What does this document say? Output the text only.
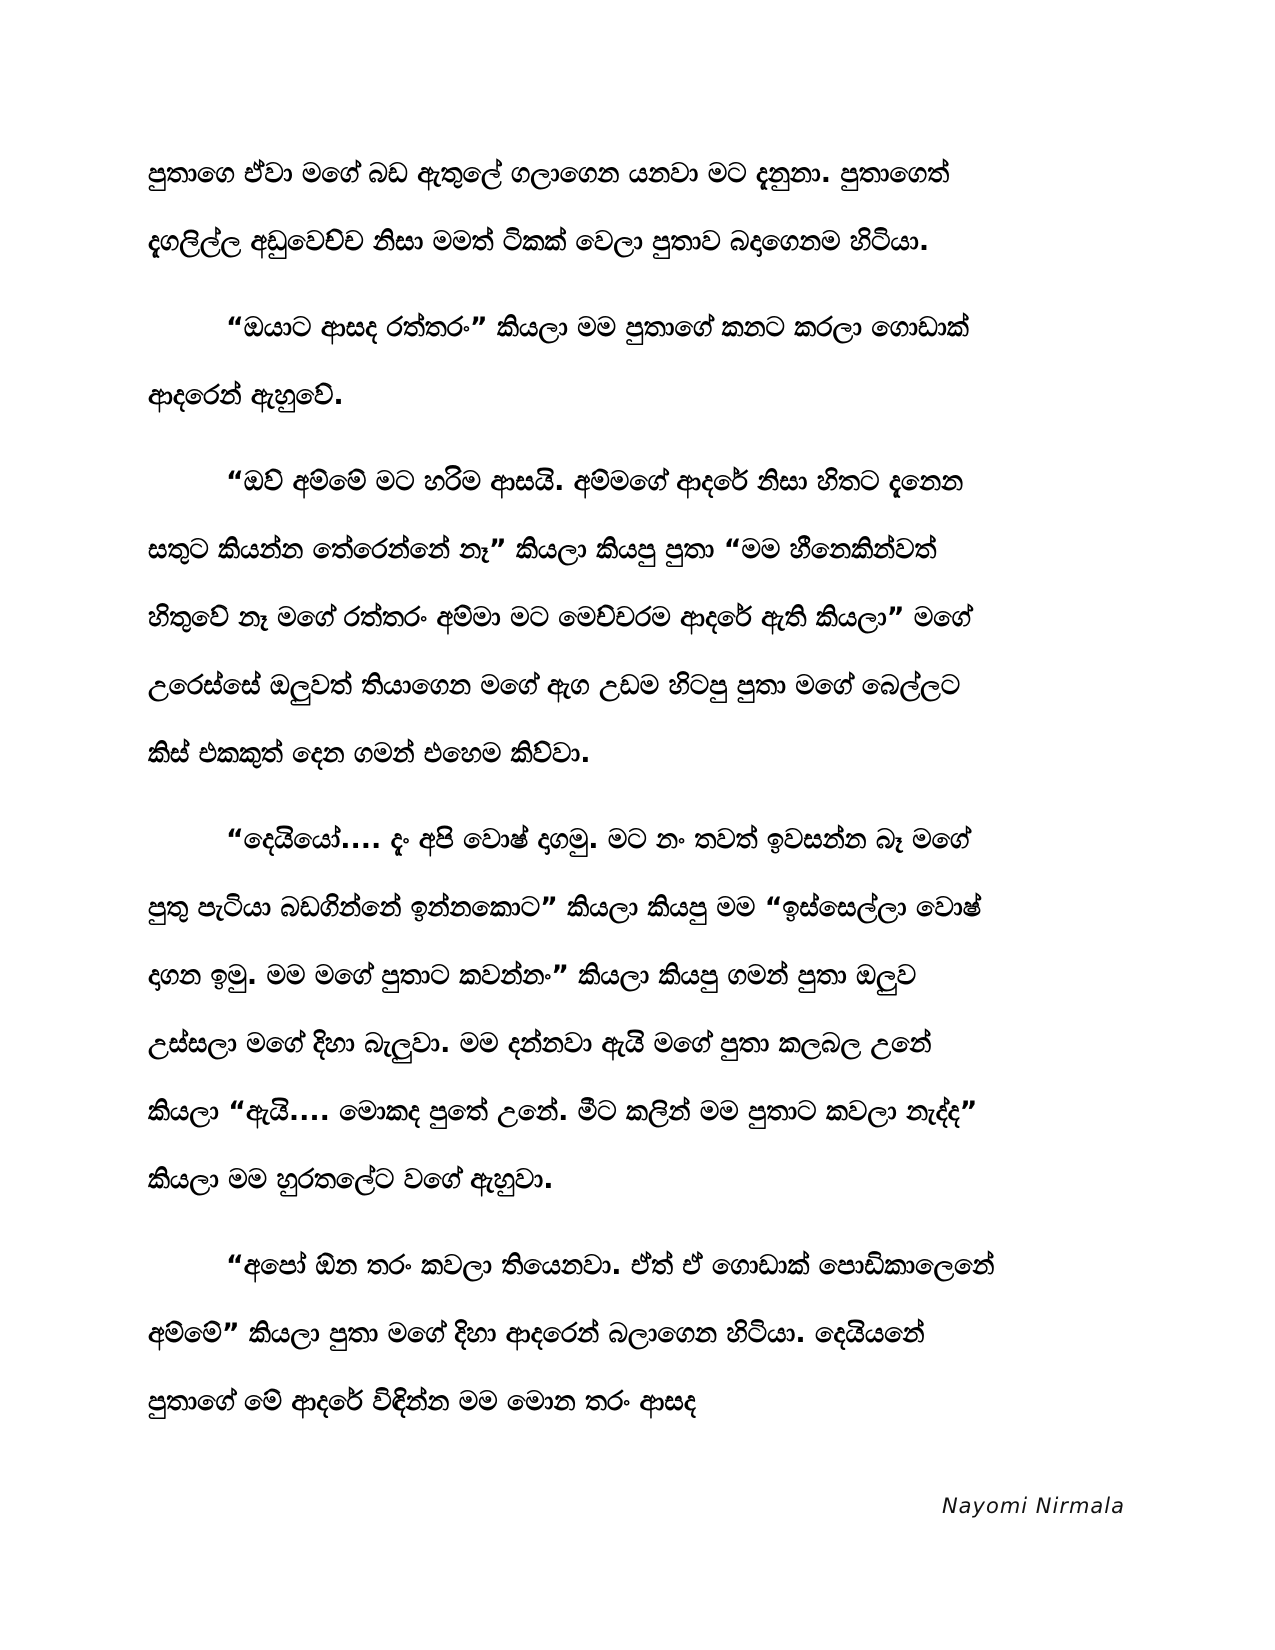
පුතාගෙ ඒවා මගේ බඩ ඇතුලේ ගලාගෙන යනවා මට දැනුනා. පුතාගෙත්

දැගලිල්ල අඩුවෙච්ච නිසා මමත් ටිකක් වෙලා පුතාව බදාගෙනම හිටියා.

“ඔයාට ආසද රත්තරං” කියලා මම පුතාගේ කනට කරලා ගොඩාක්

ආදරෙන් ඇහුවේ.

“ඔව් අම්මේ මට හරිම ආසයි. අම්මගේ ආදරේ නිසා හිතට දැනෙන

සතුට කියන්න තේරෙන්නේ නෑ” කියලා කියපු පුතා “මම හීනෙකින්වත්

හිතුවේ නෑ මගේ රත්තරං අම්මා මට මෙච්චරම ආදරේ ඇති කියලා” මගේ

උරෙස්සේ ඔලුවත් තියාගෙන මගේ ඇග උඩම හිටපු පුතා මගේ බෙල්ලට

කිස් එකකුත් දෙන ගමන් එහෙම කිව්වා.

“දෙයියෝ.... දැං අපි වොෂ් දාගමු. මට නං තවත් ඉවසන්න බෑ මගේ

පුතු පැටියා බඩගින්නේ ඉන්නකොට” කියලා කියපු මම “ඉස්සෙල්ලා වොෂ්

දාගන ඉමු. මම මගේ පුතාට කවන්නං” කියලා කියපු ගමන් පුතා ඔලුව

උස්සලා මගේ දිහා බැලුවා. මම දන්නවා ඇයි මගේ පුතා කලබල උනේ

කියලා “ඇයි.... මොකද පුතේ උනේ. මීට කලින් මම පුතාට කවලා නැද්ද”

කියලා මම හුරතලේට වගේ ඇහුවා.

“අපෝ ඕන තරං කවලා තියෙනවා. ඒත් ඒ ගොඩාක් පොඩිකාලෙනේ

අම්මේ” කියලා පුතා මගේ දිහා ආදරෙන් බලාගෙන හිටියා. දෙයියනේ

පුතාගේ මේ ආදරේ විඳින්න මම මොන තරං ආසද

Nayomi Nirmala
